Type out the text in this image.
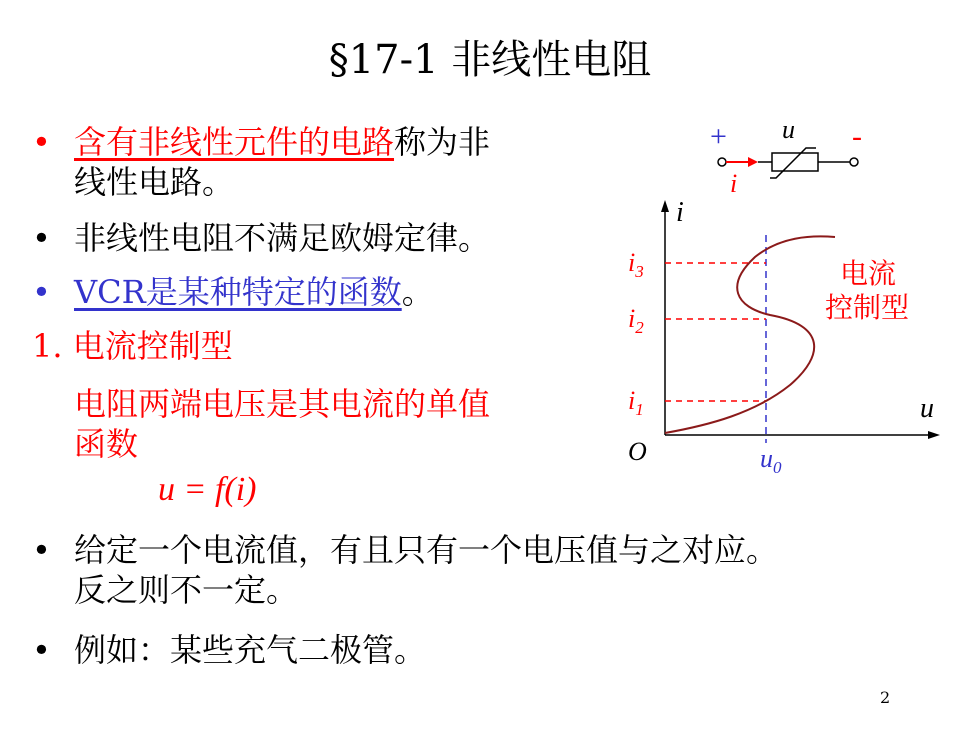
§17-1 非线性电阻
• 含有非线性元件的电路称为非
线性电路。
• 非线性电阻不满足欧姆定律。
• VCR是某种特定的函数。
1. 电流控制型
电阻两端电压是其电流的单值
函数
u = f(i)
• 给定一个电流值，有且只有一个电压值与之对应。
反之则不一定。
• 例如：某些充气二极管。
+ u -
i
i
u
O	$u_0$
$i_3$
$i_2$
$i_1$
电流
控制型
2
